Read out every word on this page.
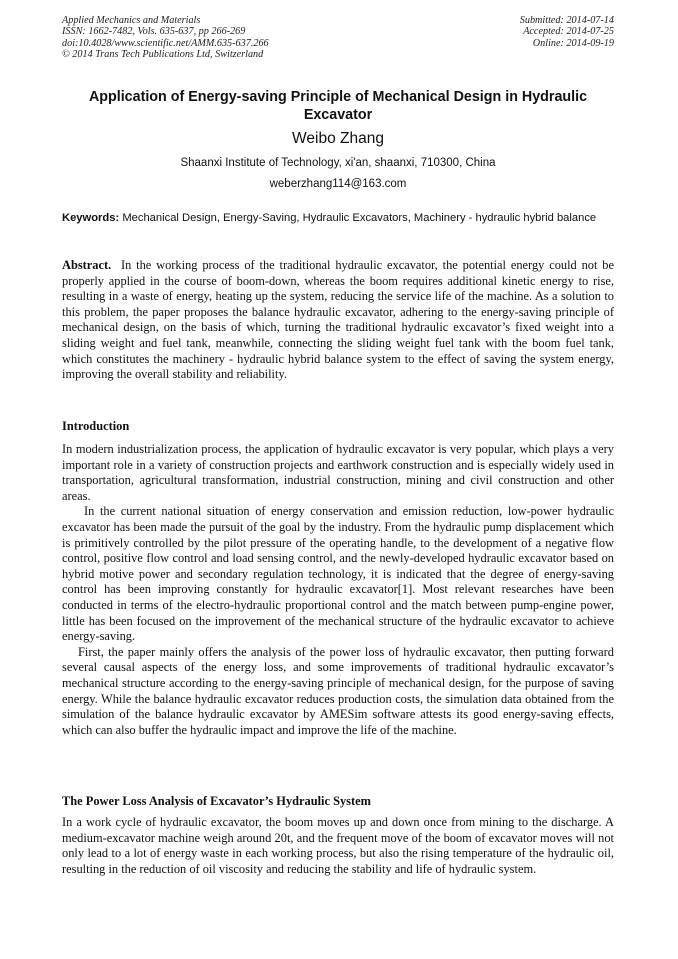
Applied Mechanics and Materials
ISSN: 1662-7482, Vols. 635-637, pp 266-269
doi:10.4028/www.scientific.net/AMM.635-637.266
© 2014 Trans Tech Publications Ltd, Switzerland
Submitted: 2014-07-14
Accepted: 2014-07-25
Online: 2014-09-19
Application of Energy-saving Principle of Mechanical Design in Hydraulic Excavator
Weibo Zhang
Shaanxi Institute of Technology, xi'an, shaanxi, 710300, China
weberzhang114@163.com
Keywords: Mechanical Design, Energy-Saving, Hydraulic Excavators, Machinery - hydraulic hybrid balance

Abstract. In the working process of the traditional hydraulic excavator, the potential energy could not be properly applied in the course of boom-down, whereas the boom requires additional kinetic energy to rise, resulting in a waste of energy, heating up the system, reducing the service life of the machine. As a solution to this problem, the paper proposes the balance hydraulic excavator, adhering to the energy-saving principle of mechanical design, on the basis of which, turning the traditional hydraulic excavator’s fixed weight into a sliding weight and fuel tank, meanwhile, connecting the sliding weight fuel tank with the boom fuel tank, which constitutes the machinery - hydraulic hybrid balance system to the effect of saving the system energy, improving the overall stability and reliability.

Introduction

In modern industrialization process, the application of hydraulic excavator is very popular, which plays a very important role in a variety of construction projects and earthwork construction and is especially widely used in transportation, agricultural transformation, industrial construction, mining and civil construction and other areas.

In the current national situation of energy conservation and emission reduction, low-power hydraulic excavator has been made the pursuit of the goal by the industry. From the hydraulic pump displacement which is primitively controlled by the pilot pressure of the operating handle, to the development of a negative flow control, positive flow control and load sensing control, and the newly-developed hydraulic excavator based on hybrid motive power and secondary regulation technology, it is indicated that the degree of energy-saving control has been improving constantly for hydraulic excavator[1]. Most relevant researches have been conducted in terms of the electro-hydraulic proportional control and the match between pump-engine power, little has been focused on the improvement of the mechanical structure of the hydraulic excavator to achieve energy-saving.

First, the paper mainly offers the analysis of the power loss of hydraulic excavator, then putting forward several causal aspects of the energy loss, and some improvements of traditional hydraulic excavator’s mechanical structure according to the energy-saving principle of mechanical design, for the purpose of saving energy. While the balance hydraulic excavator reduces production costs, the simulation data obtained from the simulation of the balance hydraulic excavator by AMESim software attests its good energy-saving effects, which can also buffer the hydraulic impact and improve the life of the machine.

The Power Loss Analysis of Excavator’s Hydraulic System

In a work cycle of hydraulic excavator, the boom moves up and down once from mining to the discharge. A medium-excavator machine weigh around 20t, and the frequent move of the boom of excavator moves will not only lead to a lot of energy waste in each working process, but also the rising temperature of the hydraulic oil, resulting in the reduction of oil viscosity and reducing the stability and life of hydraulic system.
